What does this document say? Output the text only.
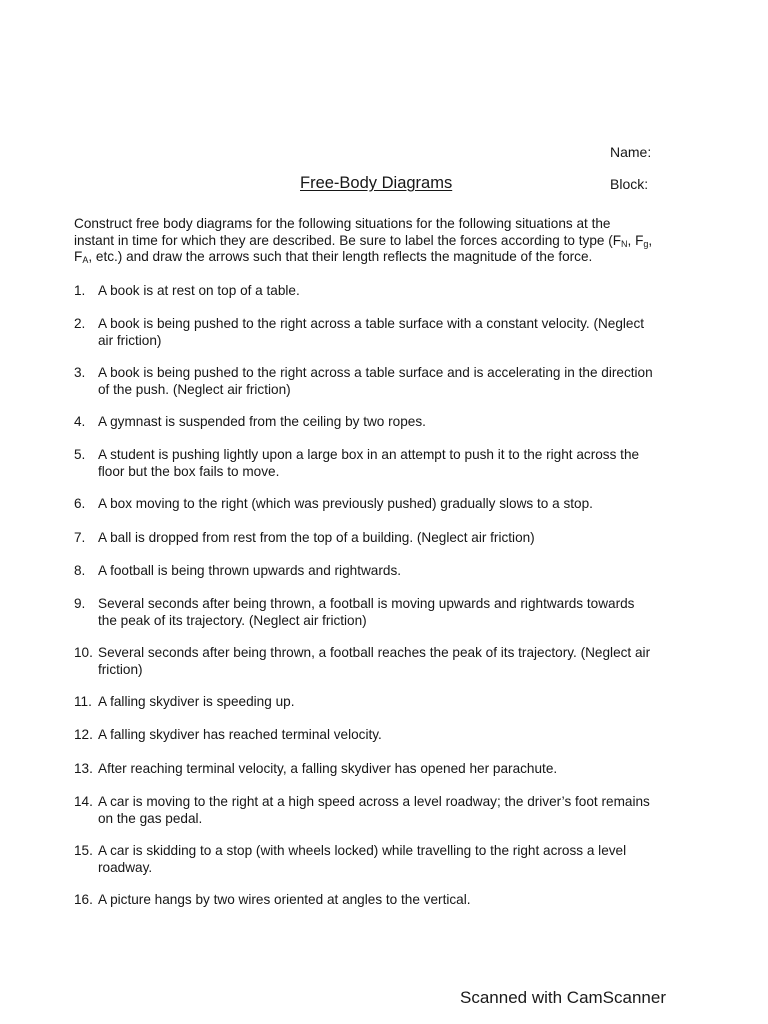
Name:
Block:
Free-Body Diagrams
Construct free body diagrams for the following situations for the following situations at the
instant in time for which they are described. Be sure to label the forces according to type ($F_N$, $F_g$,
$F_A$, etc.) and draw the arrows such that their length reflects the magnitude of the force.
1. A book is at rest on top of a table.
2. A book is being pushed to the right across a table surface with a constant velocity. (Neglect
air friction)
3. A book is being pushed to the right across a table surface and is accelerating in the direction
of the push. (Neglect air friction)
4. A gymnast is suspended from the ceiling by two ropes.
5. A student is pushing lightly upon a large box in an attempt to push it to the right across the
floor but the box fails to move.
6. A box moving to the right (which was previously pushed) gradually slows to a stop.
7. A ball is dropped from rest from the top of a building. (Neglect air friction)
8. A football is being thrown upwards and rightwards.
9. Several seconds after being thrown, a football is moving upwards and rightwards towards
the peak of its trajectory. (Neglect air friction)
10. Several seconds after being thrown, a football reaches the peak of its trajectory. (Neglect air
friction)
11. A falling skydiver is speeding up.
12. A falling skydiver has reached terminal velocity.
13. After reaching terminal velocity, a falling skydiver has opened her parachute.
14. A car is moving to the right at a high speed across a level roadway; the driver’s foot remains
on the gas pedal.
15. A car is skidding to a stop (with wheels locked) while travelling to the right across a level
roadway.
16. A picture hangs by two wires oriented at angles to the vertical.
Scanned with CamScanner
